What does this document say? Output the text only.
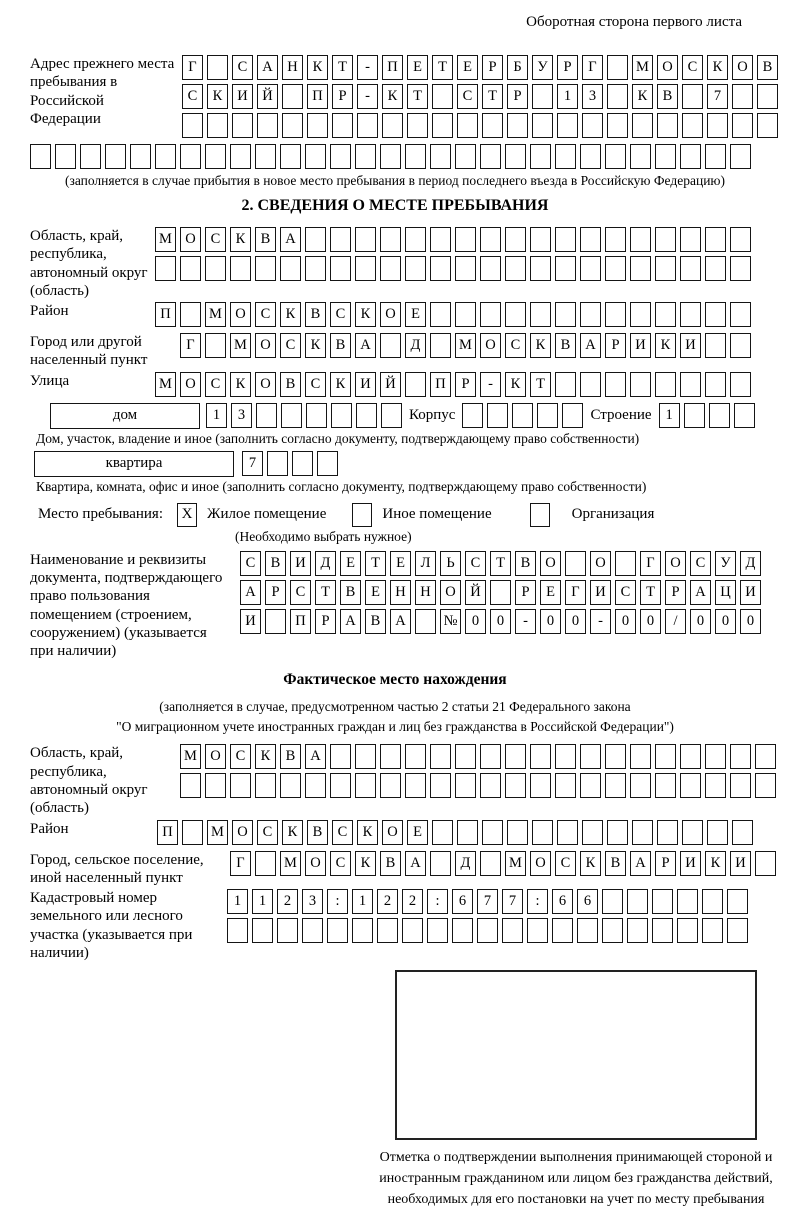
Оборотная сторона первого листа
Адрес прежнего места пребывания в Российской Федерации
Г	С	А	Н	К	Т	-	П	Е	Т	Е	Р	Б	У	Р	Г	М О	С	К	О	В
С	К	И	Й	П	Р	-	К	Т	С	Т	Р	1	3	К	В	7
(заполняется в случае прибытия в новое место пребывания в период последнего въезда в Российскую Федерацию)
2. СВЕДЕНИЯ О МЕСТЕ ПРЕБЫВАНИЯ
Область, край, республика, автономный округ (область)
М О	С	К	В	А
Район	П	М О	С	К	В	С	К	О	Е
Город или другой населенный пункт
Г	М О	С	К	В	А	Д	М О	С	К	В	А	Р	И	К	И
Улица	М О	С	К	О	В	С	К	И	Й	П	Р	-	К	Т
дом	1	3	Корпус	Строение 1
Дом, участок, владение и иное (заполнить согласно документу, подтверждающему право собственности)
квартира	7
Квартира, комната, офис и иное (заполнить согласно документу, подтверждающему право собственности)
Место пребывания:	X Жилое помещение	Иное помещение	Организация
(Необходимо выбрать нужное)
Наименование и реквизиты документа, подтверждающего право пользования помещением (строением, сооружением) (указывается при наличии)
С	В	И	Д	Е	Т	Е	Л	Ь	С	Т	В	О	О	Г	О	С	У	Д
А	Р	С	Т	В	Е	Н	Н	О	Й	Р	Е	Г	И	С	Т	Р	А	Ц	И
И	П	Р	А	В	А	№ 0	0	-	0	0	-	0	0	/	0	0	0
Фактическое место нахождения
(заполняется в случае, предусмотренном частью 2 статьи 21 Федерального закона
"О миграционном учете иностранных граждан и лиц без гражданства в Российской Федерации")
Область, край, республика, автономный округ (область)
М О	С	К	В	А
Район	П	М О	С	К	В	С	К	О	Е
Город, сельское поселение, иной населенный пункт
Г	М О	С	К	В	А	Д	М О	С	К	В	А	Р	И	К	И
Кадастровый номер земельного или лесного участка (указывается при наличии)
1	1	2	3	:	1	2	2	:	6	7	7	:	6	6
Отметка о подтверждении выполнения принимающей стороной и иностранным гражданином или лицом без гражданства действий, необходимых для его постановки на учет по месту пребывания
